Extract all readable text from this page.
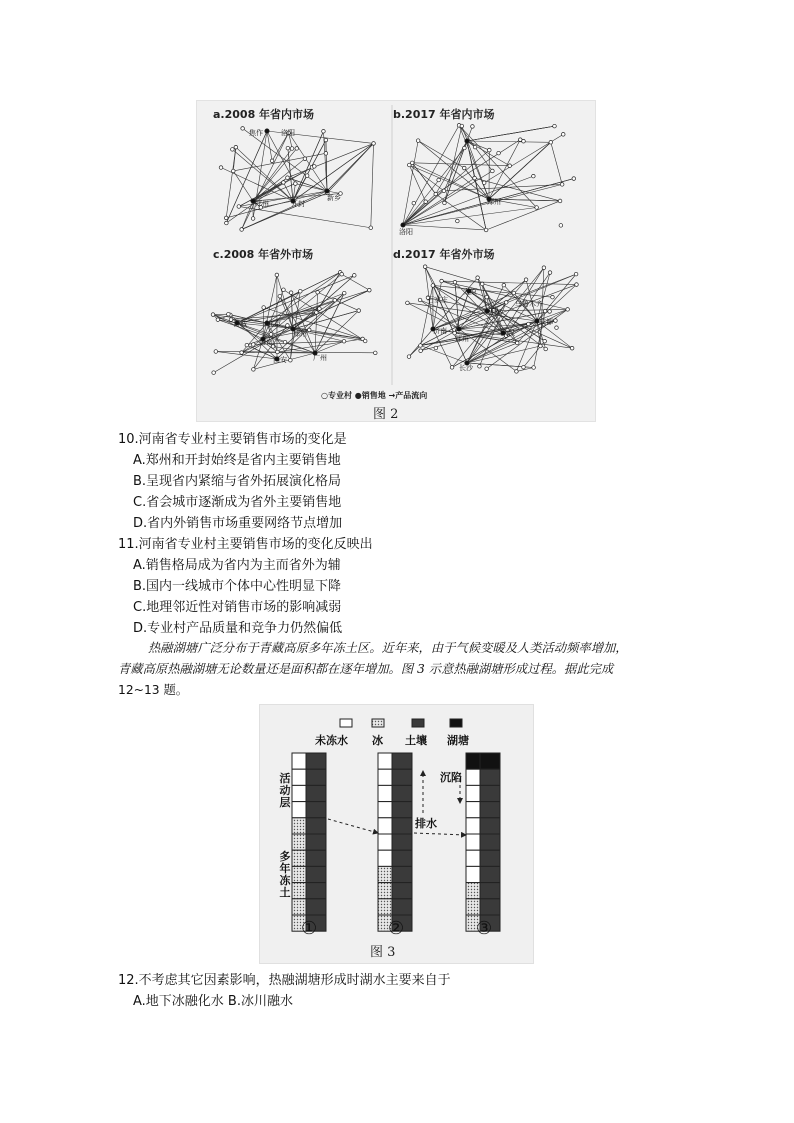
a.2008 年省内市场	b.2017 年省内市场
c.2008 年省外市场	d.2017 年省外市场
焦作	洛阳
郑州	开封
新乡	郑州
洛阳
晋城	北京
济南
郑州
西安	广州
石家庄
太原
乌鲁木齐
西安
济南
郑州
武汉
成都
长沙
○专业村 ●销售地 →产品流向
图 2
10.河南省专业村主要销售市场的变化是
A.郑州和开封始终是省内主要销售地
B.呈现省内紧缩与省外拓展演化格局
C.省会城市逐渐成为省外主要销售地
D.省内外销售市场重要网络节点增加
11.河南省专业村主要销售市场的变化反映出
A.销售格局成为省内为主而省外为辅
B.国内一线城市个体中心性明显下降
C.地理邻近性对销售市场的影响减弱
D.专业村产品质量和竞争力仍然偏低
热融湖塘广泛分布于青藏高原多年冻土区。近年来，由于气候变暖及人类活动频率增加，
青藏高原热融湖塘无论数量还是面积都在逐年增加。图 3 示意热融湖塘形成过程。据此完成
12~13 题。
未冻水 冰 土壤 湖塘
活动层
多年冻土
沉陷
排水
①	②	③
图 3
12.不考虑其它因素影响，热融湖塘形成时湖水主要来自于
A.地下冰融化水 B.冰川融水
